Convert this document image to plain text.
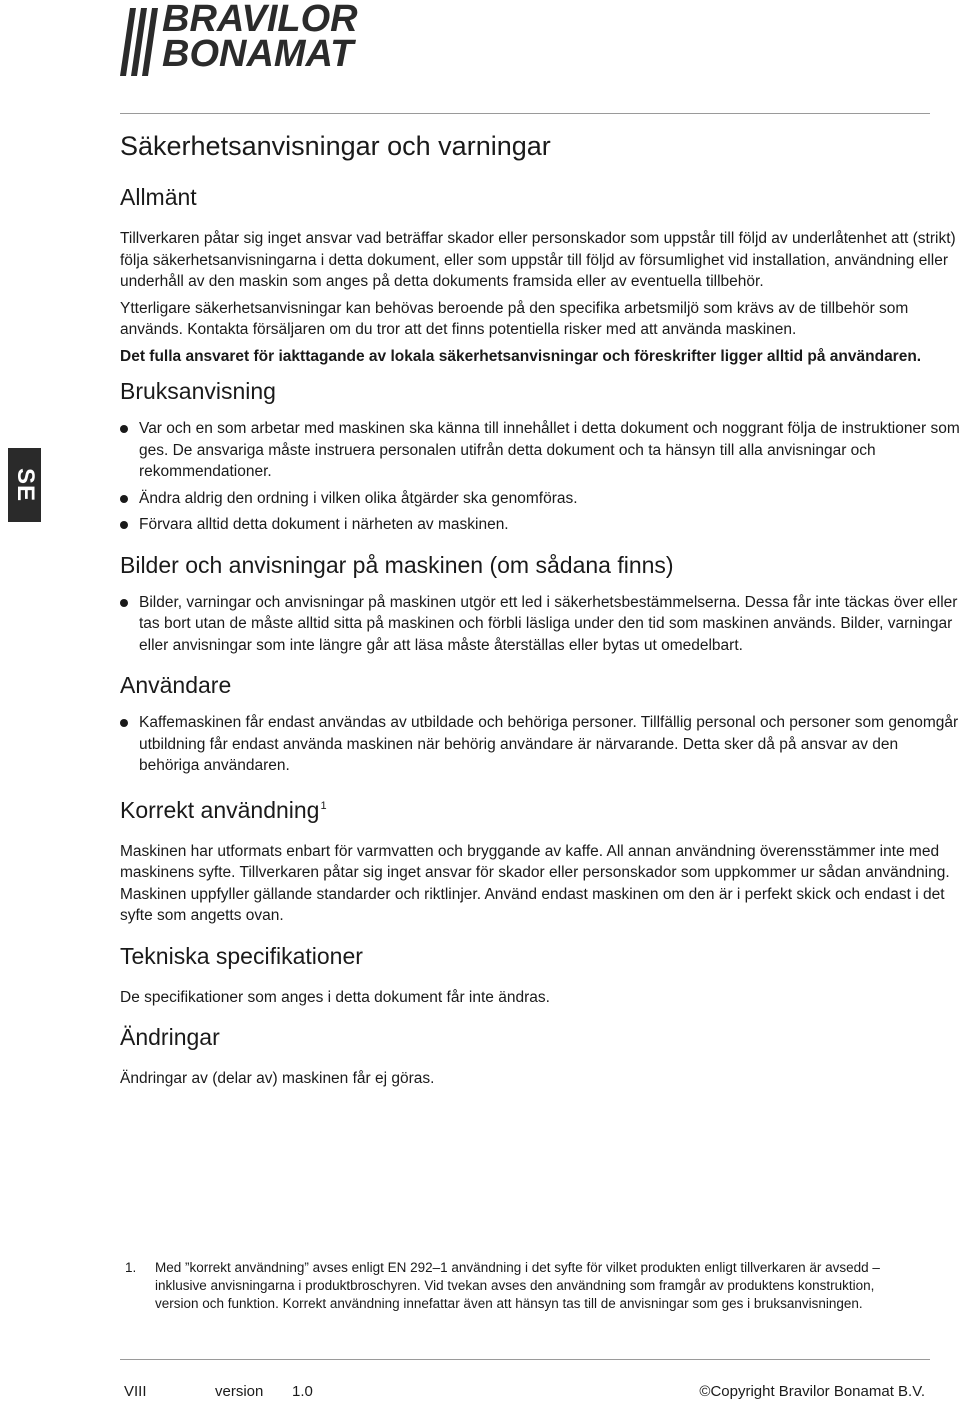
BRAVILOR
BONAMAT
SE
Säkerhetsanvisningar och varningar
Allmänt

Tillverkaren påtar sig inget ansvar vad beträffar skador eller personskador som uppstår till följd av underlåtenhet att (strikt) följa säkerhetsanvisningarna i detta dokument, eller som uppstår till följd av försumlighet vid installation, användning eller underhåll av den maskin som anges på detta dokuments framsida eller av eventuella tillbehör.

Ytterligare säkerhetsanvisningar kan behövas beroende på den specifika arbetsmiljö som krävs av de tillbehör som används. Kontakta försäljaren om du tror att det finns potentiella risker med att använda maskinen.

Det fulla ansvaret för iakttagande av lokala säkerhetsanvisningar och föreskrifter ligger alltid på användaren.

Bruksanvisning
Var och en som arbetar med maskinen ska känna till innehållet i detta dokument och noggrant följa de instruktioner som ges. De ansvariga måste instruera personalen utifrån detta dokument och ta hänsyn till alla anvisningar och rekommendationer.
Ändra aldrig den ordning i vilken olika åtgärder ska genomföras.
Förvara alltid detta dokument i närheten av maskinen.
Bilder och anvisningar på maskinen (om sådana finns)
Bilder, varningar och anvisningar på maskinen utgör ett led i säkerhetsbestämmelserna. Dessa får inte täckas över eller tas bort utan de måste alltid sitta på maskinen och förbli läsliga under den tid som maskinen används. Bilder, varningar eller anvisningar som inte längre går att läsa måste återställas eller bytas ut omedelbart.
Användare
Kaffemaskinen får endast användas av utbildade och behöriga personer. Tillfällig personal och personer som genomgår utbildning får endast använda maskinen när behörig användare är närvarande. Detta sker då på ansvar av den behöriga användaren.
Korrekt användning$^1$

Maskinen har utformats enbart för varmvatten och bryggande av kaffe. All annan användning överensstämmer inte med maskinens syfte. Tillverkaren påtar sig inget ansvar för skador eller personskador som uppkommer ur sådan användning. Maskinen uppfyller gällande standarder och riktlinjer. Använd endast maskinen om den är i perfekt skick och endast i det syfte som angetts ovan.

Tekniska specifikationer

De specifikationer som anges i detta dokument får inte ändras.

Ändringar

Ändringar av (delar av) maskinen får ej göras.

1. Med ”korrekt användning” avses enligt EN 292–1 användning i det syfte för vilket produkten enligt tillverkaren är avsedd – inklusive anvisningarna i produktbroschyren. Vid tvekan avses den användning som framgår av produktens konstruktion, version och funktion. Korrekt användning innefattar även att hänsyn tas till de anvisningar som ges i bruksanvisningen.
VIII	version 1.0	©Copyright Bravilor Bonamat B.V.
